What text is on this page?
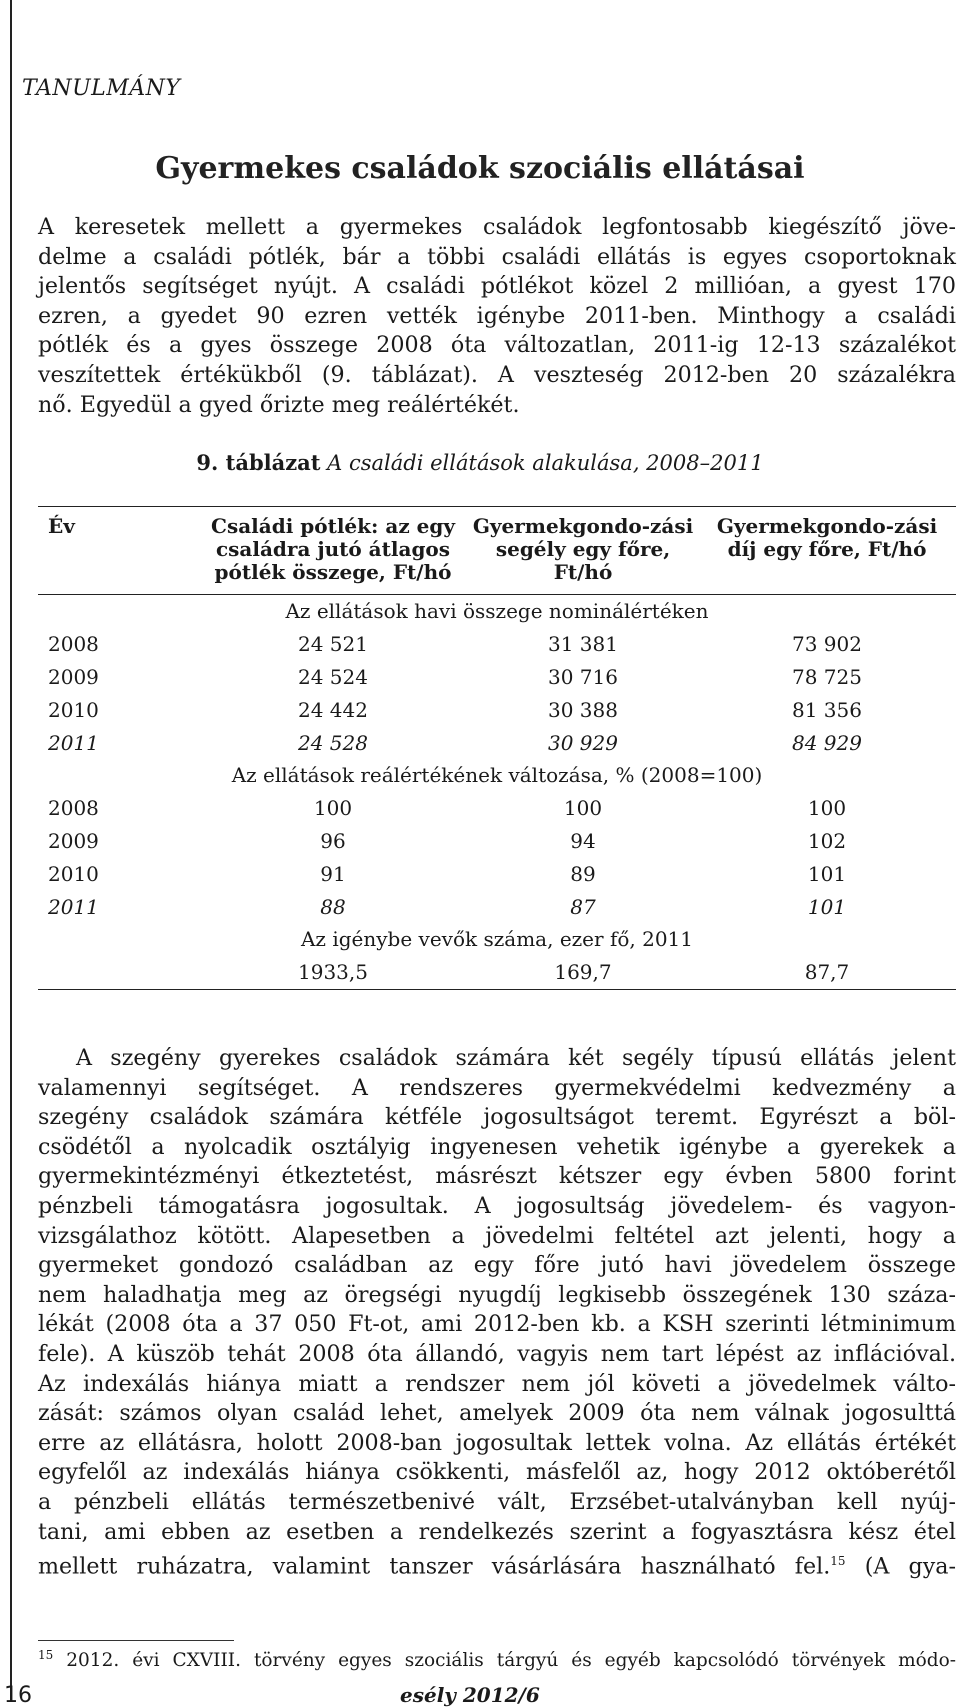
TANULMÁNY
Gyermekes családok szociális ellátásai
A keresetek mellett a gyermekes családok legfontosabb kiegészítő jöve-
delme a családi pótlék, bár a többi családi ellátás is egyes csoportoknak
jelentős segítséget nyújt. A családi pótlékot közel 2 millióan, a gyest 170
ezren, a gyedet 90 ezren vették igénybe 2011-ben. Minthogy a családi
pótlék és a gyes összege 2008 óta változatlan, 2011-ig 12-13 százalékot
veszítettek értékükből (9. táblázat). A veszteség 2012-ben 20 százalékra
nő. Egyedül a gyed őrizte meg reálértékét.
9. táblázat A családi ellátások alakulása, 2008–2011
Év	Családi pótlék: az egy családra jutó átlagos pótlék összege, Ft/hó	Gyermekgondo-zási segély egy főre, Ft/hó	Gyermekgondo-zási díj egy főre, Ft/hó
Az ellátások havi összege nominálértéken			
2008	24 521	31 381	73 902
2009	24 524	30 716	78 725
2010	24 442	30 388	81 356
2011	24 528	30 929	84 929
Az ellátások reálértékének változása, % (2008=100)			
2008	100	100	100
2009	96	94	102
2010	91	89	101
2011	88	87	101
Az igénybe vevők száma, ezer fő, 2011			
	1933,5	169,7	87,7
A szegény gyerekes családok számára két segély típusú ellátás jelent
valamennyi segítséget. A rendszeres gyermekvédelmi kedvezmény a
szegény családok számára kétféle jogosultságot teremt. Egyrészt a böl-
csödétől a nyolcadik osztályig ingyenesen vehetik igénybe a gyerekek a
gyermekintézményi étkeztetést, másrészt kétszer egy évben 5800 forint
pénzbeli támogatásra jogosultak. A jogosultság jövedelem- és vagyon-
vizsgálathoz kötött. Alapesetben a jövedelmi feltétel azt jelenti, hogy a
gyermeket gondozó családban az egy főre jutó havi jövedelem összege
nem haladhatja meg az öregségi nyugdíj legkisebb összegének 130 száza-
lékát (2008 óta a 37 050 Ft-ot, ami 2012-ben kb. a KSH szerinti létminimum
fele). A küszöb tehát 2008 óta állandó, vagyis nem tart lépést az inflációval.
Az indexálás hiánya miatt a rendszer nem jól követi a jövedelmek válto-
zását: számos olyan család lehet, amelyek 2009 óta nem válnak jogosulttá
erre az ellátásra, holott 2008-ban jogosultak lettek volna. Az ellátás értékét
egyfelől az indexálás hiánya csökkenti, másfelől az, hogy 2012 októberétől
a pénzbeli ellátás természetbenivé vált, Erzsébet-utalványban kell nyúj-
tani, ami ebben az esetben a rendelkezés szerint a fogyasztásra kész étel
mellett ruházatra, valamint tanszer vásárlására használható fel.$^{15}$ (A gya-
$^{15}$ 2012. évi CXVIII. törvény egyes szociális tárgyú és egyéb kapcsolódó törvények módo-
16	esély 2012/6
